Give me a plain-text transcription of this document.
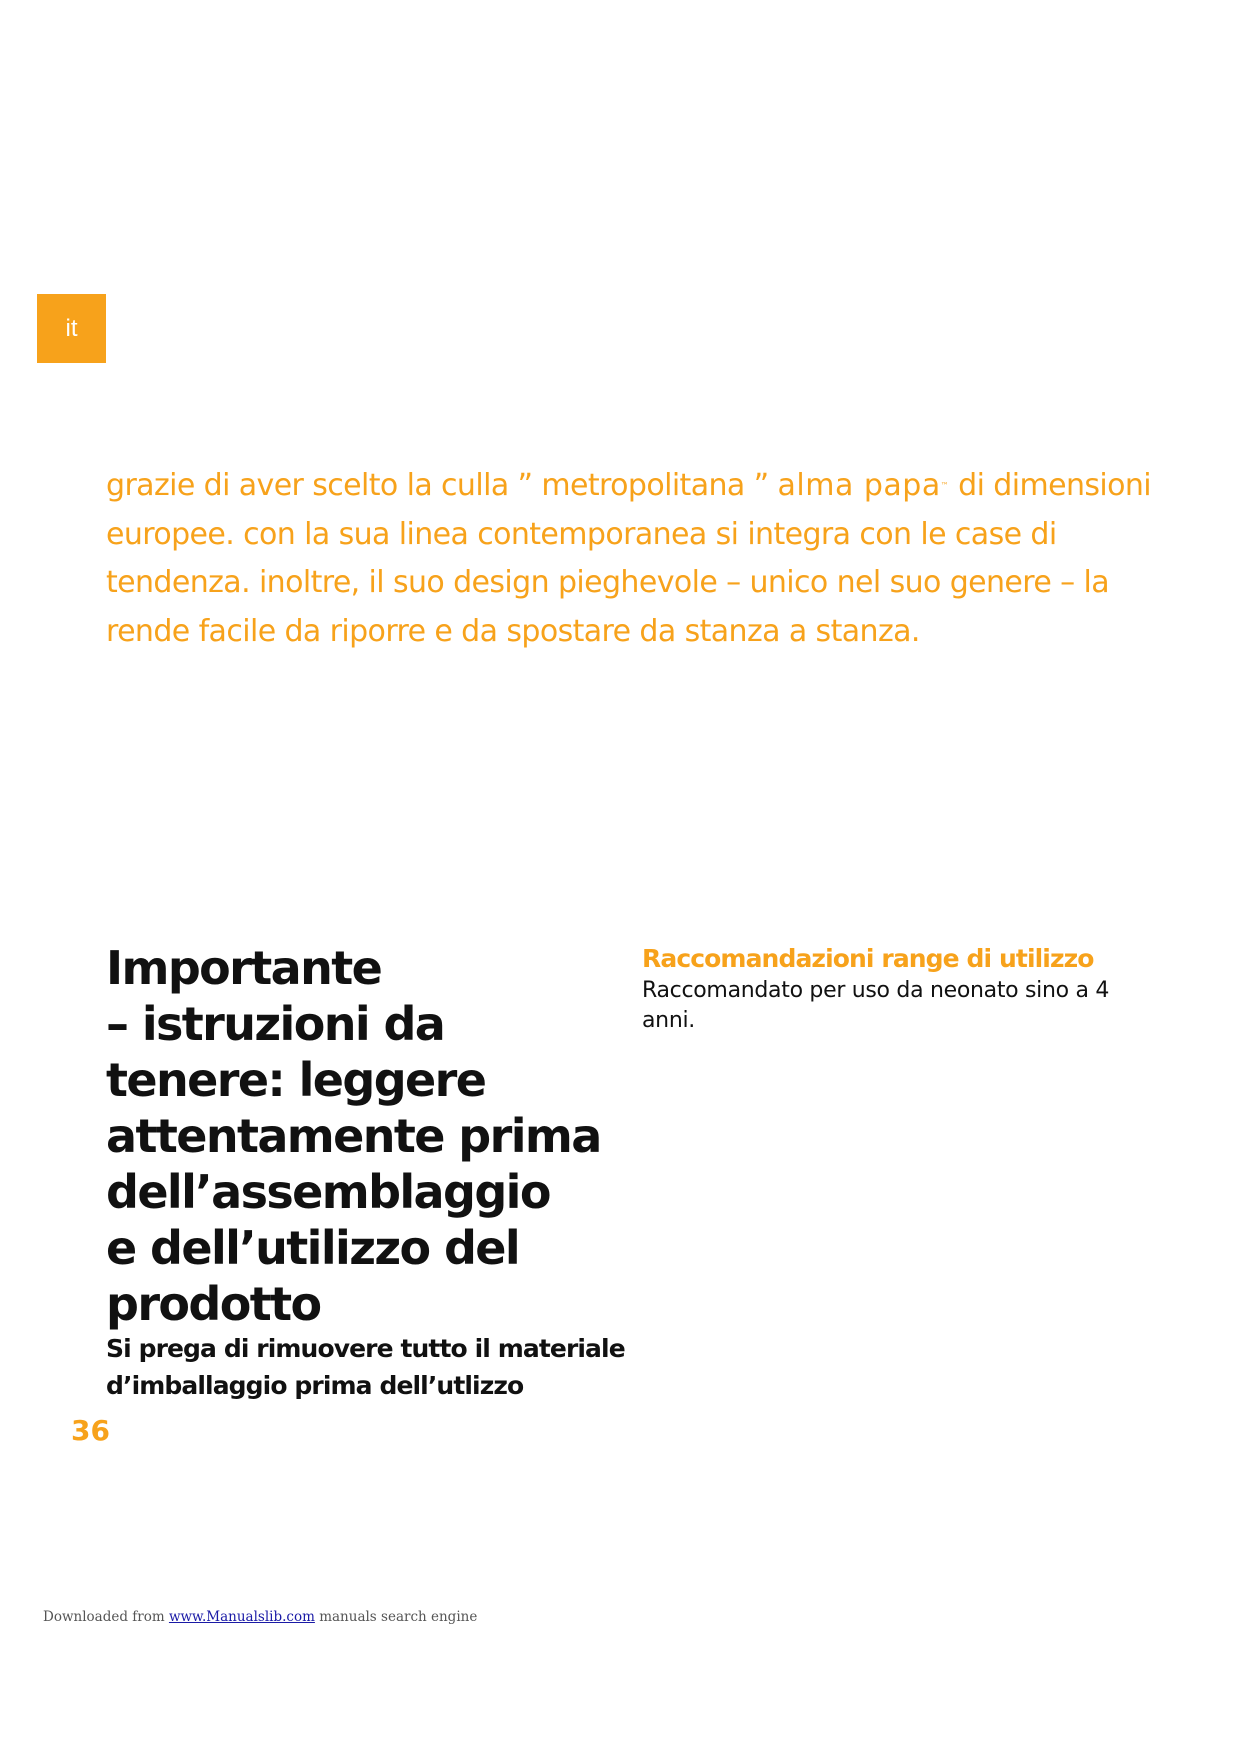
it
grazie di aver scelto la culla ” metropolitana ” alma papa™ di dimensioni
europee. con la sua linea contemporanea si integra con le case di
tendenza. inoltre, il suo design pieghevole – unico nel suo genere – la
rende facile da riporre e da spostare da stanza a stanza.
Importante
– istruzioni da
tenere: leggere
attentamente prima
dell’assemblaggio
e dell’utilizzo del
prodotto
Si prega di rimuovere tutto il materiale
d’imballaggio prima dell’utlizzo
Raccomandazioni range di utilizzo
Raccomandato per uso da neonato sino a 4 anni.
36
Downloaded from www.Manualslib.com manuals search engine
